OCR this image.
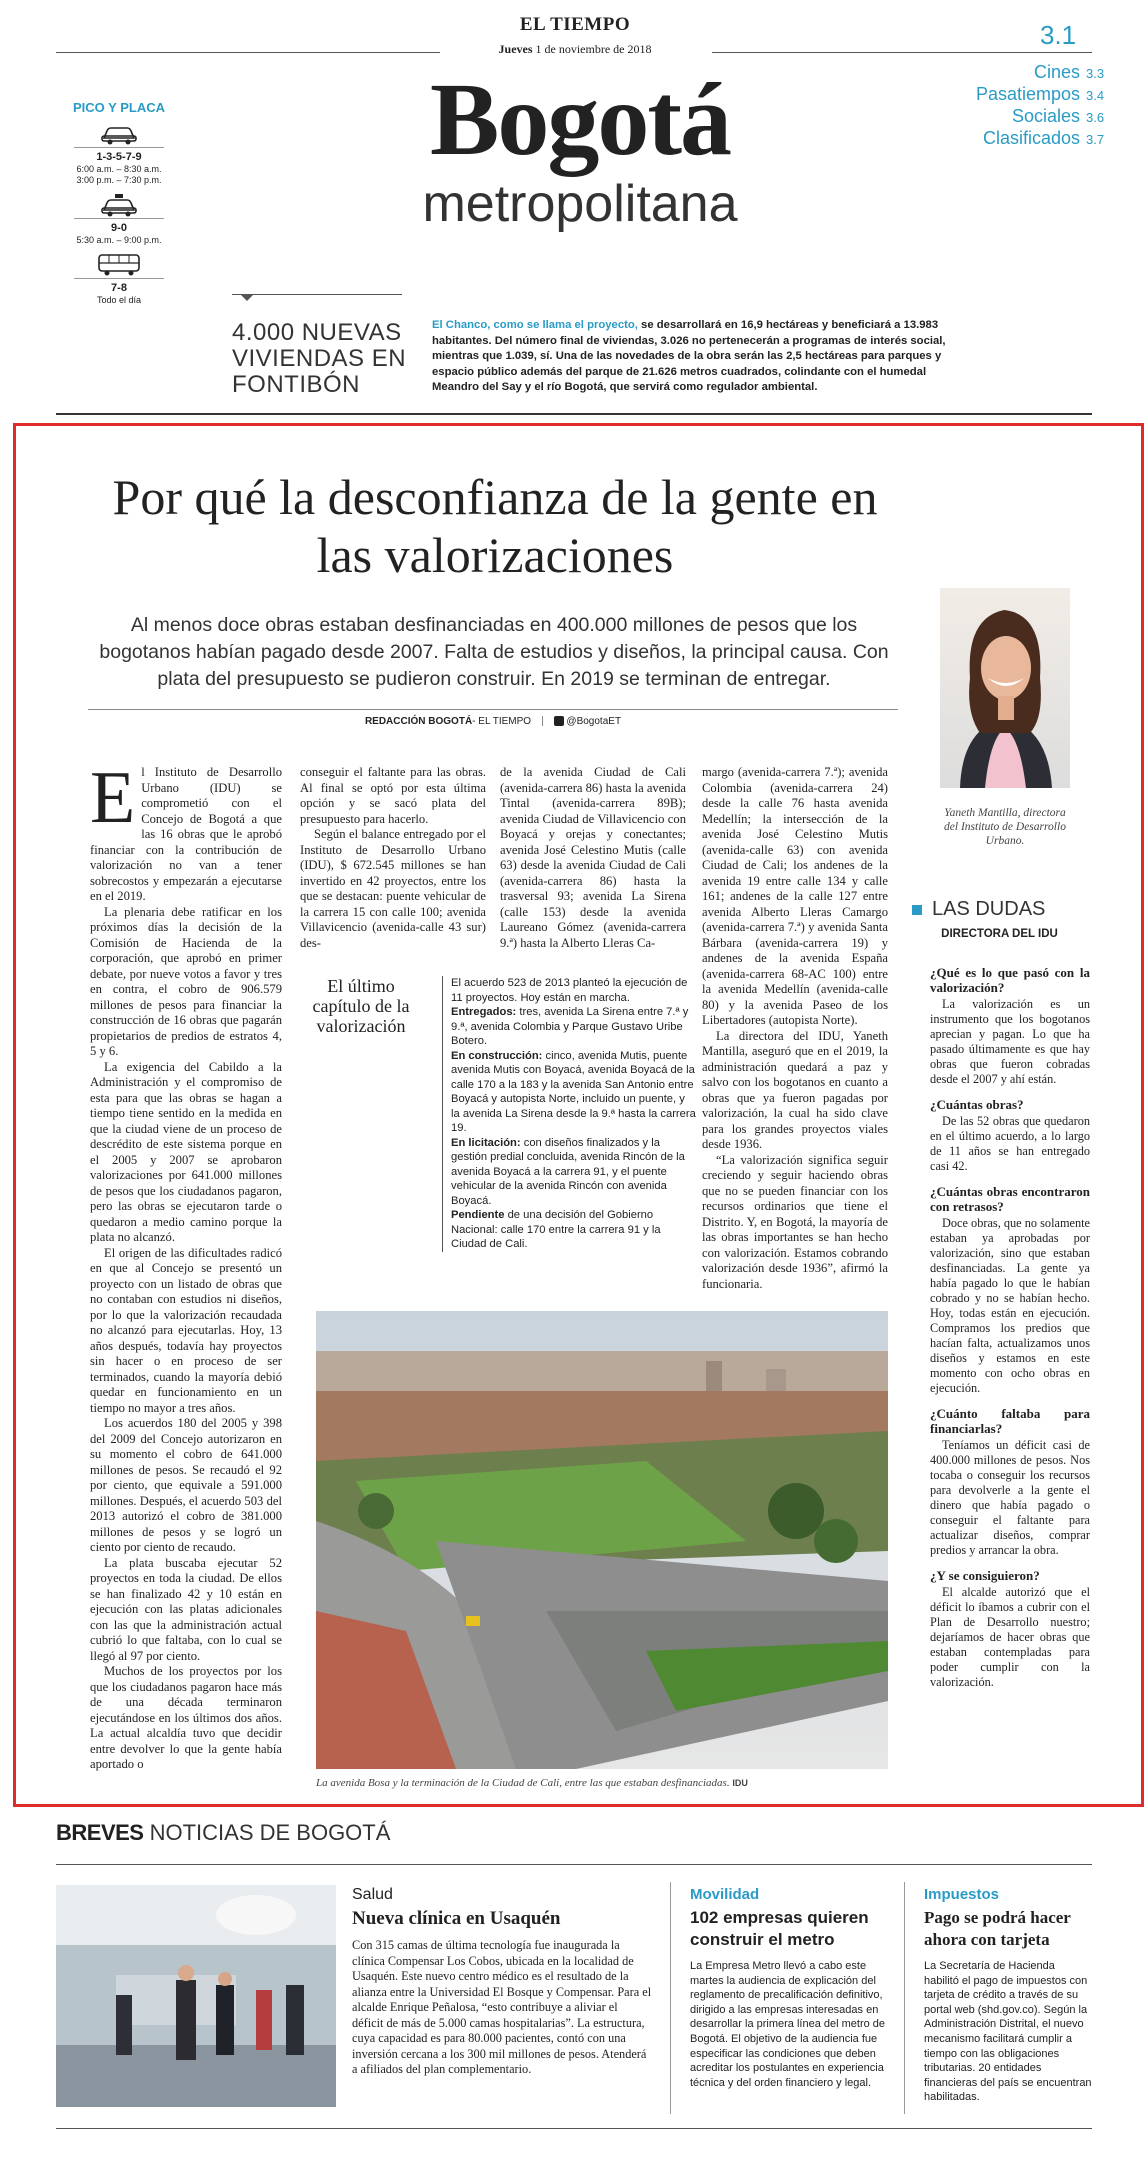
EL TIEMPO
Jueves 1 de noviembre de 2018	3.1
Bogotá
metropolitana
Cines 3.3
Pasatiempos 3.4
Sociales 3.6
Clasificados 3.7
PICO Y PLACA
1-3-5-7-9
6:00 a.m. – 8:30 a.m.
3:00 p.m. – 7:30 p.m.
9-0
5:30 a.m. – 9:00 p.m.
7-8
Todo el día
4.000 NUEVAS VIVIENDAS EN FONTIBÓN
El Chanco, como se llama el proyecto, se desarrollará en 16,9 hectáreas y beneficiará a 13.983 habitantes. Del número final de viviendas, 3.026 no pertenecerán a programas de interés social, mientras que 1.039, sí. Una de las novedades de la obra serán las 2,5 hectáreas para parques y espacio público además del parque de 21.626 metros cuadrados, colindante con el humedal Meandro del Say y el río Bogotá, que servirá como regulador ambiental.
Por qué la desconfianza de la gente en las valorizaciones
Al menos doce obras estaban desfinanciadas en 400.000 millones de pesos que los bogotanos habían pagado desde 2007. Falta de estudios y diseños, la principal causa. Con plata del presupuesto se pudieron construir. En 2019 se terminan de entregar.
REDACCIÓN BOGOTÁ- EL TIEMPO	@BogotaET
Yaneth Mantilla, directora del Instituto de Desarrollo Urbano.

El Instituto de Desarrollo Urbano (IDU) se comprometió con el Concejo de Bogotá a que las 16 obras que le aprobó financiar con la contribución de valorización no van a tener sobrecostos y empezarán a ejecutarse en el 2019.

La plenaria debe ratificar en los próximos días la decisión de la Comisión de Hacienda de la corporación, que aprobó en primer debate, por nueve votos a favor y tres en contra, el cobro de 906.579 millones de pesos para financiar la construcción de 16 obras que pagarán propietarios de predios de estratos 4, 5 y 6.

La exigencia del Cabildo a la Administración y el compromiso de esta para que las obras se hagan a tiempo tiene sentido en la medida en que la ciudad viene de un proceso de descrédito de este sistema porque en el 2005 y 2007 se aprobaron valorizaciones por 641.000 millones de pesos que los ciudadanos pagaron, pero las obras se ejecutaron tarde o quedaron a medio camino porque la plata no alcanzó.

El origen de las dificultades radicó en que al Concejo se presentó un proyecto con un listado de obras que no contaban con estudios ni diseños, por lo que la valorización recaudada no alcanzó para ejecutarlas. Hoy, 13 años después, todavía hay proyectos sin hacer o en proceso de ser terminados, cuando la mayoría debió quedar en funcionamiento en un tiempo no mayor a tres años.

Los acuerdos 180 del 2005 y 398 del 2009 del Concejo autorizaron en su momento el cobro de 641.000 millones de pesos. Se recaudó el 92 por ciento, que equivale a 591.000 millones. Después, el acuerdo 503 del 2013 autorizó el cobro de 381.000 millones de pesos y se logró un ciento por ciento de recaudo.

La plata buscaba ejecutar 52 proyectos en toda la ciudad. De ellos se han finalizado 42 y 10 están en ejecución con las platas adicionales con las que la administración actual cubrió lo que faltaba, con lo cual se llegó al 97 por ciento.

Muchos de los proyectos por los que los ciudadanos pagaron hace más de una década terminaron ejecutándose en los últimos dos años. La actual alcaldía tuvo que decidir entre devolver lo que la gente había aportado o

conseguir el faltante para las obras. Al final se optó por esta última opción y se sacó plata del presupuesto para hacerlo.

Según el balance entregado por el Instituto de Desarrollo Urbano (IDU), $ 672.545 millones se han invertido en 42 proyectos, entre los que se destacan: puente vehicular de la carrera 15 con calle 100; avenida Villavicencio (avenida-calle 43 sur) des-

de la avenida Ciudad de Cali (avenida-carrera 86) hasta la avenida Tintal (avenida-carrera 89B); avenida Ciudad de Villavicencio con Boyacá y orejas y conectantes; avenida José Celestino Mutis (calle 63) desde la avenida Ciudad de Cali (avenida-carrera 86) hasta la trasversal 93; avenida La Sirena (calle 153) desde la avenida Laureano Gómez (avenida-carrera 9.ª) hasta la Alberto Lleras Ca-

margo (avenida-carrera 7.ª); avenida Colombia (avenida-carrera 24) desde la calle 76 hasta avenida Medellín; la intersección de la avenida José Celestino Mutis (avenida-calle 63) con avenida Ciudad de Cali; los andenes de la avenida 19 entre calle 134 y calle 161; andenes de la calle 127 entre avenida Alberto Lleras Camargo (avenida-carrera 7.ª) y avenida Santa Bárbara (avenida-carrera 19) y andenes de la avenida España (avenida-carrera 68-AC 100) entre la avenida Medellín (avenida-calle 80) y la avenida Paseo de los Libertadores (autopista Norte).

La directora del IDU, Yaneth Mantilla, aseguró que en el 2019, la administración quedará a paz y salvo con los bogotanos en cuanto a obras que ya fueron pagadas por valorización, la cual ha sido clave para los grandes proyectos viales desde 1936.

“La valorización significa seguir creciendo y seguir haciendo obras que no se pueden financiar con los recursos ordinarios que tiene el Distrito. Y, en Bogotá, la mayoría de las obras importantes se han hecho con valorización. Estamos cobrando valorización desde 1936”, afirmó la funcionaria.

El último capítulo de la valorización

El acuerdo 523 de 2013 planteó la ejecución de 11 proyectos. Hoy están en marcha.

Entregados: tres, avenida La Sirena entre 7.ª y 9.ª, avenida Colombia y Parque Gustavo Uribe Botero.

En construcción: cinco, avenida Mutis, puente avenida Mutis con Boyacá, avenida Boyacá de la calle 170 a la 183 y la avenida San Antonio entre Boyacá y autopista Norte, incluido un puente, y la avenida La Sirena desde la 9.ª hasta la carrera 19.

En licitación: con diseños finalizados y la gestión predial concluida, avenida Rincón de la avenida Boyacá a la carrera 91, y el puente vehicular de la avenida Rincón con avenida Boyacá.

Pendiente de una decisión del Gobierno Nacional: calle 170 entre la carrera 91 y la Ciudad de Cali.

La avenida Bosa y la terminación de la Ciudad de Cali, entre las que estaban desfinanciadas. IDU
LAS DUDAS
DIRECTORA DEL IDU
¿Qué es lo que pasó con la valorización?

La valorización es un instrumento que los bogotanos aprecian y pagan. Lo que ha pasado últimamente es que hay obras que fueron cobradas desde el 2007 y ahí están.

¿Cuántas obras?

De las 52 obras que quedaron en el último acuerdo, a lo largo de 11 años se han entregado casi 42.

¿Cuántas obras encontraron con retrasos?

Doce obras, que no solamente estaban ya aprobadas por valorización, sino que estaban desfinanciadas. La gente ya había pagado lo que le habían cobrado y no se habían hecho. Hoy, todas están en ejecución. Compramos los predios que hacían falta, actualizamos unos diseños y estamos en este momento con ocho obras en ejecución.

¿Cuánto faltaba para financiarlas?

Teníamos un déficit casi de 400.000 millones de pesos. Nos tocaba o conseguir los recursos para devolverle a la gente el dinero que había pagado o conseguir el faltante para actualizar diseños, comprar predios y arrancar la obra.

¿Y se consiguieron?

El alcalde autorizó que el déficit lo íbamos a cubrir con el Plan de Desarrollo nuestro; dejaríamos de hacer obras que estaban contempladas para poder cumplir con la valorización.

BREVES NOTICIAS DE BOGOTÁ
Salud
Nueva clínica en Usaquén
Con 315 camas de última tecnología fue inaugurada la clínica Compensar Los Cobos, ubicada en la localidad de Usaquén. Este nuevo centro médico es el resultado de la alianza entre la Universidad El Bosque y Compensar. Para el alcalde Enrique Peñalosa, “esto contribuye a aliviar el déficit de más de 5.000 camas hospitalarias”. La estructura, cuya capacidad es para 80.000 pacientes, contó con una inversión cercana a los 300 mil millones de pesos. Atenderá a afiliados del plan complementario.
Movilidad
102 empresas quieren construir el metro
La Empresa Metro llevó a cabo este martes la audiencia de explicación del reglamento de precalificación definitivo, dirigido a las empresas interesadas en desarrollar la primera línea del metro de Bogotá. El objetivo de la audiencia fue especificar las condiciones que deben acreditar los postulantes en experiencia técnica y del orden financiero y legal.
Impuestos
Pago se podrá hacer ahora con tarjeta
La Secretaría de Hacienda habilitó el pago de impuestos con tarjeta de crédito a través de su portal web (shd.gov.co). Según la Administración Distrital, el nuevo mecanismo facilitará cumplir a tiempo con las obligaciones tributarias. 20 entidades financieras del país se encuentran habilitadas.
